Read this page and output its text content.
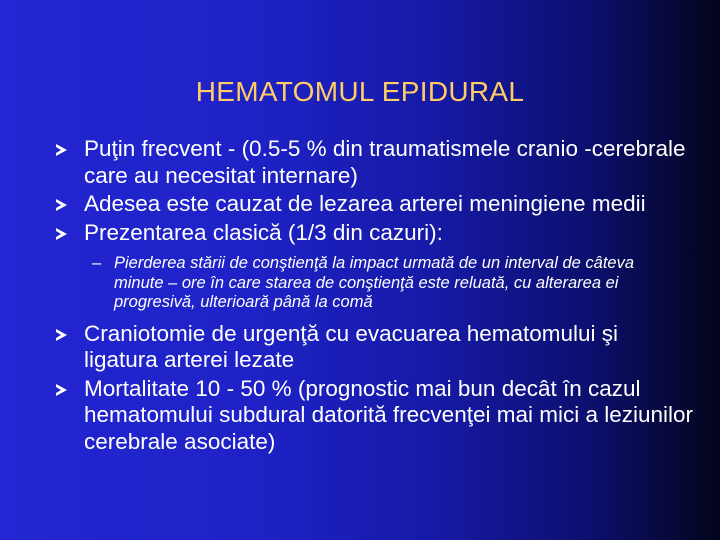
HEMATOMUL EPIDURAL
Puţin frecvent - (0.5-5 % din traumatismele cranio -cerebrale care au necesitat internare)
Adesea este cauzat de lezarea arterei meningiene medii
Prezentarea clasică (1/3 din cazuri):
– Pierderea stării de conştienţă la impact urmată de un interval de câteva minute – ore în care starea de conştienţă este reluată, cu alterarea ei progresivă, ulterioară până la comă
Craniotomie de urgenţă cu evacuarea hematomului şi ligatura arterei lezate
Mortalitate 10 - 50 % (prognostic mai bun decât în cazul hematomului subdural datorită frecvenţei mai mici a leziunilor cerebrale asociate)
